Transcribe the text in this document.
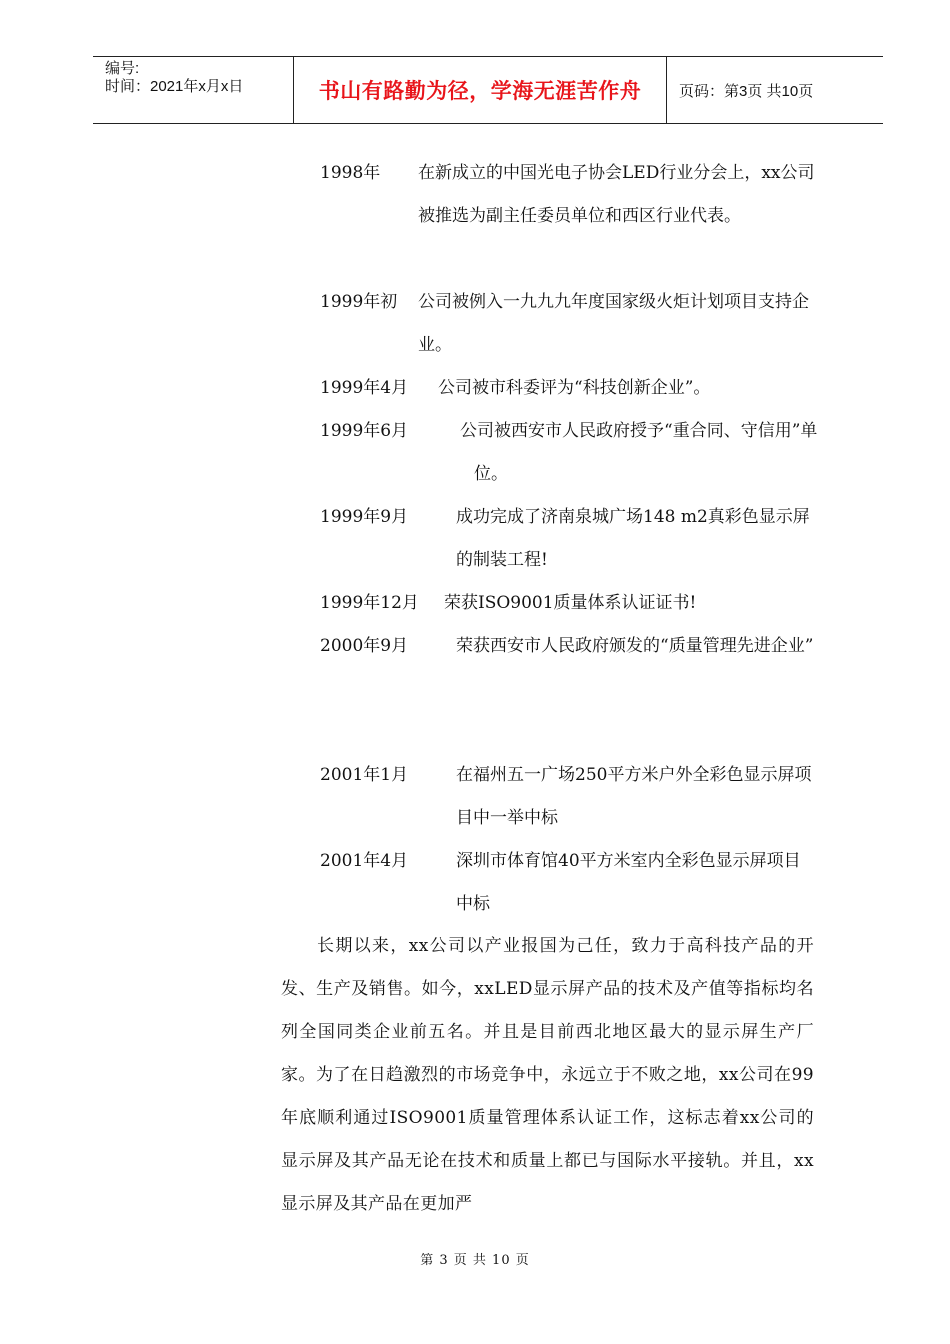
编号:
时间：2021年x月x日	书山有路勤为径，学海无涯苦作舟	页码：第3页 共10页
1998年 在新成立的中国光电子协会LED行业分会上，xx公司被推选为副主任委员单位和西区行业代表。
1999年初 公司被例入一九九九年度国家级火炬计划项目支持企业。
1999年4月 公司被市科委评为“科技创新企业”。
1999年6月	公司被西安市人民政府授予“重合同、守信用”单位。
1999年9月	成功完成了济南泉城广场148 m2真彩色显示屏的制装工程!
1999年12月 荣获ISO9001质量体系认证证书!
2000年9月	荣获西安市人民政府颁发的“质量管理先进企业”
2001年1月	在福州五一广场250平方米户外全彩色显示屏项目中一举中标
2001年4月	深圳市体育馆40平方米室内全彩色显示屏项目中标
长期以来，xx公司以产业报国为己任，致力于高科技产品的开发、生产及销售。如今，xxLED显示屏产品的技术及产值等指标均名列全国同类企业前五名。并且是目前西北地区最大的显示屏生产厂家。为了在日趋激烈的市场竞争中，永远立于不败之地，xx公司在99年底顺利通过ISO9001质量管理体系认证工作，这标志着xx公司的显示屏及其产品无论在技术和质量上都已与国际水平接轨。并且，xx显示屏及其产品在更加严
第 3 页 共 10 页
